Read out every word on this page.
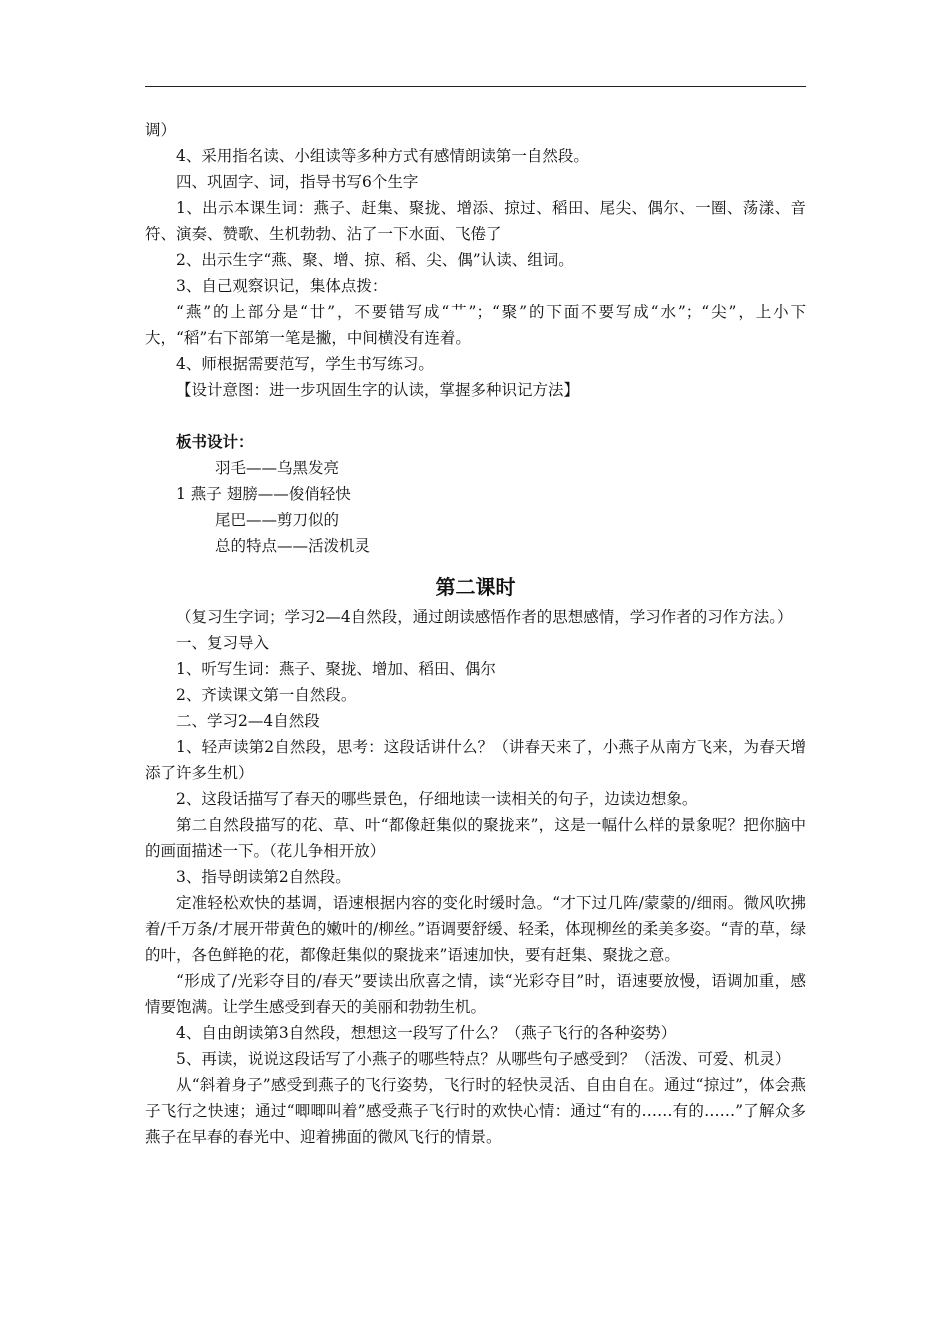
调）

4、采用指名读、小组读等多种方式有感情朗读第一自然段。

四、巩固字、词，指导书写6个生字

1、出示本课生词：燕子、赶集、聚拢、增添、掠过、稻田、尾尖、偶尔、一圈、荡漾、音符、演奏、赞歌、生机勃勃、沾了一下水面、飞倦了

2、出示生字“燕、聚、增、掠、稻、尖、偶”认读、组词。

3、自己观察识记，集体点拨：

“燕”的上部分是“廿”，不要错写成“艹”；“聚”的下面不要写成“水”；“尖”，上小下大，“稻”右下部第一笔是撇，中间横没有连着。

4、师根据需要范写，学生书写练习。

【设计意图：进一步巩固生字的认读，掌握多种识记方法】

板书设计：

羽毛——乌黑发亮

1 燕子 翅膀——俊俏轻快

尾巴——剪刀似的

总的特点——活泼机灵

第二课时

（复习生字词；学习2—4自然段，通过朗读感悟作者的思想感情，学习作者的习作方法。）

一、复习导入

1、听写生词：燕子、聚拢、增加、稻田、偶尔

2、齐读课文第一自然段。

二、学习2—4自然段

1、轻声读第2自然段，思考：这段话讲什么？（讲春天来了，小燕子从南方飞来，为春天增添了许多生机）

2、这段话描写了春天的哪些景色，仔细地读一读相关的句子，边读边想象。

第二自然段描写的花、草、叶“都像赶集似的聚拢来”，这是一幅什么样的景象呢？把你脑中的画面描述一下。（花儿争相开放）

3、指导朗读第2自然段。

定准轻松欢快的基调，语速根据内容的变化时缓时急。“才下过几阵/蒙蒙的/细雨。微风吹拂着/千万条/才展开带黄色的嫩叶的/柳丝。”语调要舒缓、轻柔，体现柳丝的柔美多姿。“青的草，绿的叶，各色鲜艳的花，都像赶集似的聚拢来”语速加快，要有赶集、聚拢之意。

“形成了/光彩夺目的/春天”要读出欣喜之情，读“光彩夺目”时，语速要放慢，语调加重，感情要饱满。让学生感受到春天的美丽和勃勃生机。

4、自由朗读第3自然段，想想这一段写了什么？（燕子飞行的各种姿势）

5、再读，说说这段话写了小燕子的哪些特点？从哪些句子感受到？（活泼、可爱、机灵）

从“斜着身子”感受到燕子的飞行姿势，飞行时的轻快灵活、自由自在。通过“掠过”，体会燕子飞行之快速；通过“唧唧叫着”感受燕子飞行时的欢快心情：通过“有的……有的……”了解众多燕子在早春的春光中、迎着拂面的微风飞行的情景。
